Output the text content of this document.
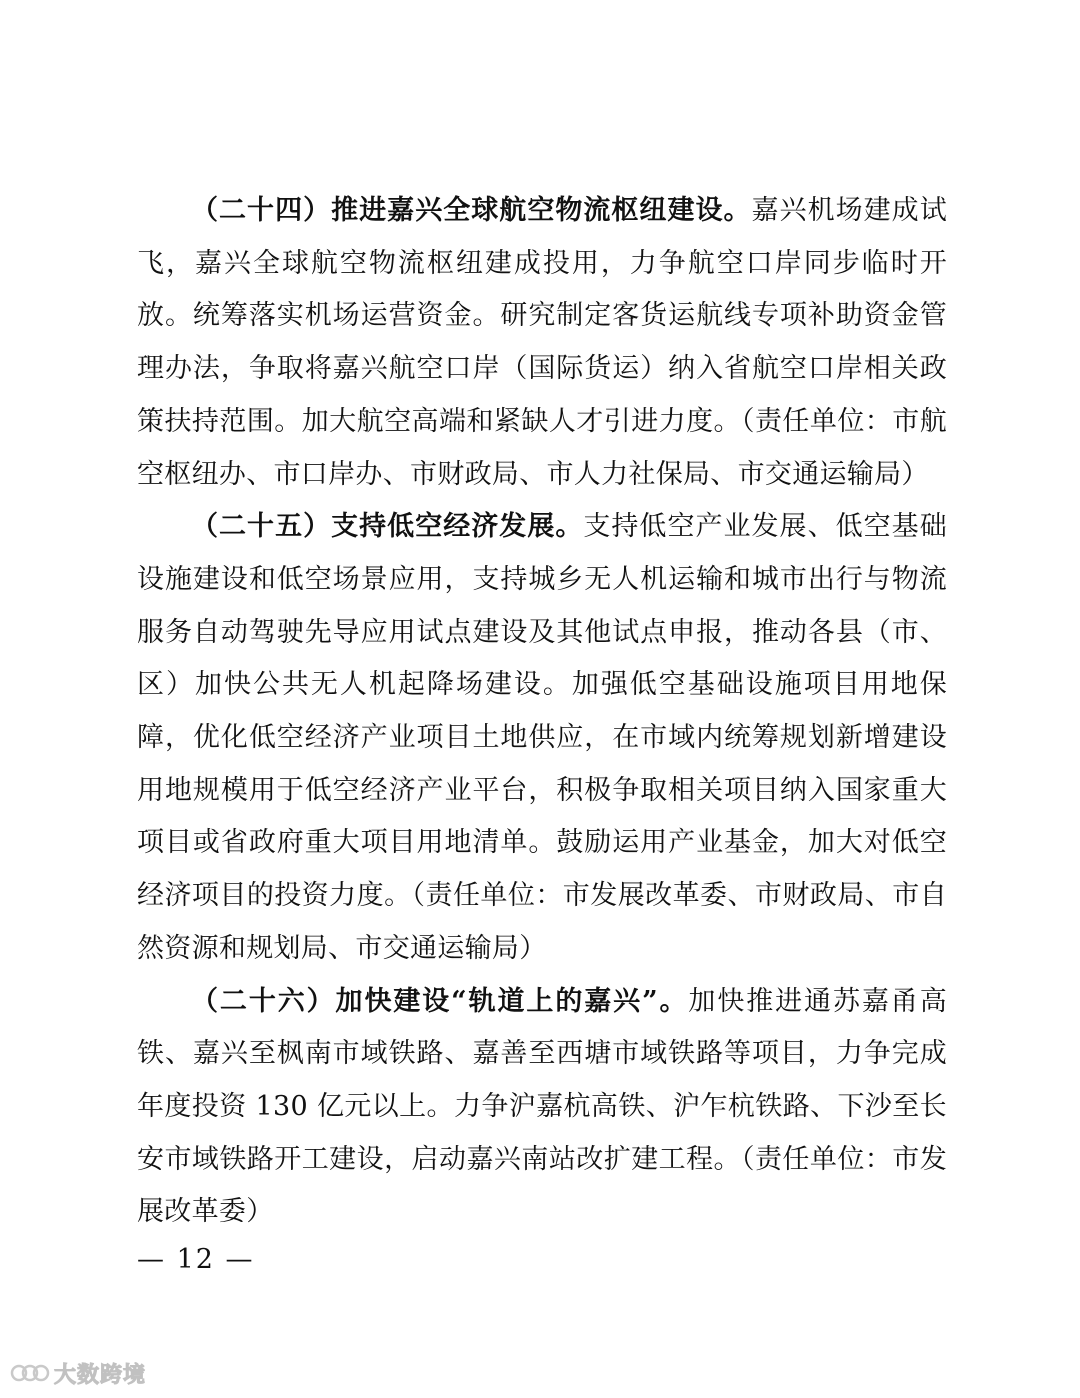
（二十四）推进嘉兴全球航空物流枢纽建设。嘉兴机场建成试飞，嘉兴全球航空物流枢纽建成投用，力争航空口岸同步临时开放。统筹落实机场运营资金。研究制定客货运航线专项补助资金管理办法，争取将嘉兴航空口岸（国际货运）纳入省航空口岸相关政策扶持范围。加大航空高端和紧缺人才引进力度。（责任单位：市航空枢纽办、市口岸办、市财政局、市人力社保局、市交通运输局）

（二十五）支持低空经济发展。支持低空产业发展、低空基础设施建设和低空场景应用，支持城乡无人机运输和城市出行与物流服务自动驾驶先导应用试点建设及其他试点申报，推动各县（市、区）加快公共无人机起降场建设。加强低空基础设施项目用地保障，优化低空经济产业项目土地供应，在市域内统筹规划新增建设用地规模用于低空经济产业平台，积极争取相关项目纳入国家重大项目或省政府重大项目用地清单。鼓励运用产业基金，加大对低空经济项目的投资力度。（责任单位：市发展改革委、市财政局、市自然资源和规划局、市交通运输局）

（二十六）加快建设“轨道上的嘉兴”。加快推进通苏嘉甬高铁、嘉兴至枫南市域铁路、嘉善至西塘市域铁路等项目，力争完成年度投资 130 亿元以上。力争沪嘉杭高铁、沪乍杭铁路、下沙至长安市域铁路开工建设，启动嘉兴南站改扩建工程。（责任单位：市发展改革委）

— 12 —
大数跨境
